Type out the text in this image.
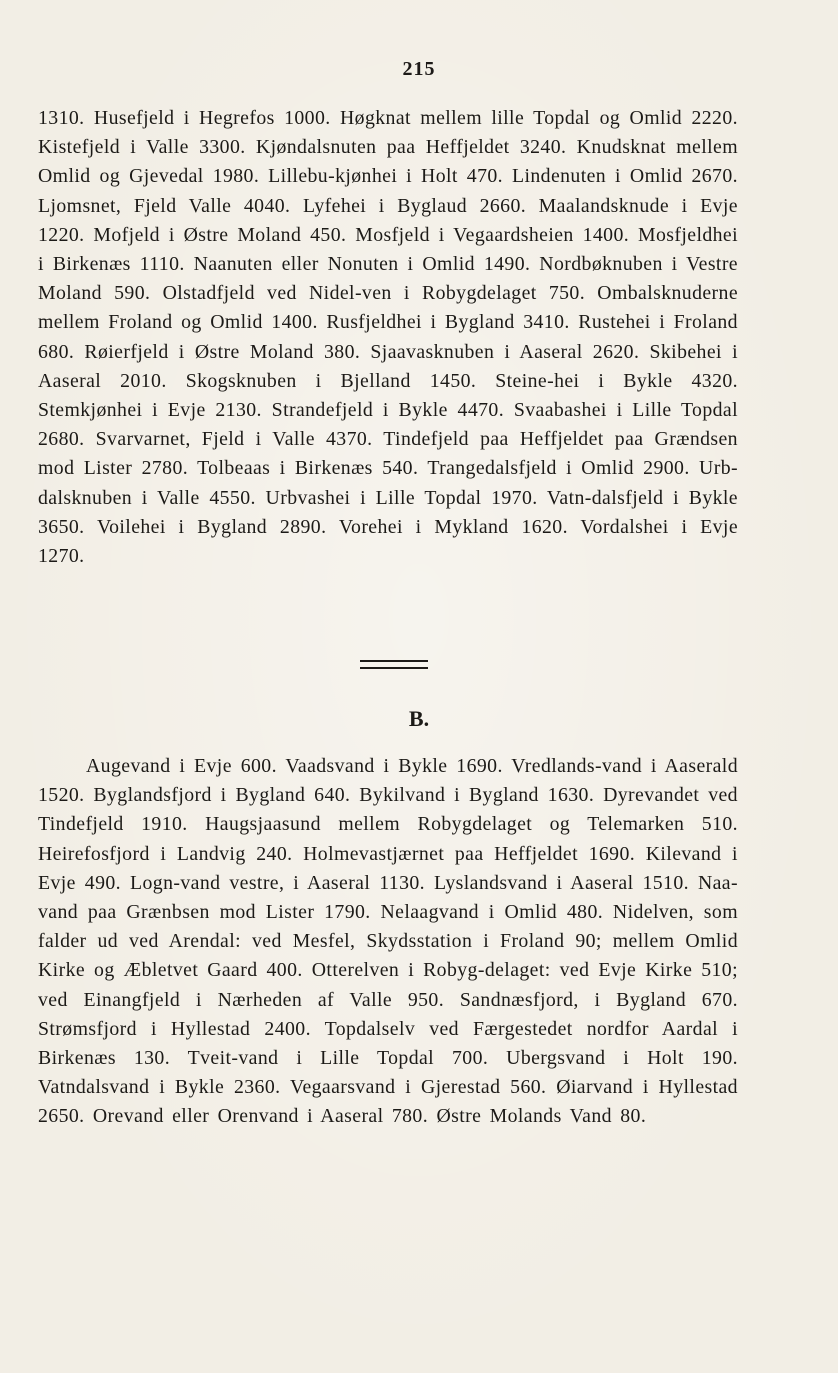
215
1310. Husefjeld i Hegrefos 1000. Høgknat mellem lille Topdal og Omlid 2220. Kistefjeld i Valle 3300. Kjøndalsnuten paa Heffjeldet 3240. Knudsknat mellem Omlid og Gjevedal 1980. Lillebu-kjønhei i Holt 470. Lindenuten i Omlid 2670. Ljomsnet, Fjeld Valle 4040. Lyfehei i Byglaud 2660. Maalandsknude i Evje 1220. Mofjeld i Østre Moland 450. Mosfjeld i Vegaardsheien 1400. Mosfjeldhei i Birkenæs 1110. Naanuten eller Nonuten i Omlid 1490. Nordbøknuben i Vestre Moland 590. Olstadfjeld ved Nidel-ven i Robygdelaget 750. Ombalsknuderne mellem Froland og Omlid 1400. Rusfjeldhei i Bygland 3410. Rustehei i Froland 680. Røierfjeld i Østre Moland 380. Sjaavasknuben i Aaseral 2620. Skibehei i Aaseral 2010. Skogsknuben i Bjelland 1450. Steine-hei i Bykle 4320. Stemkjønhei i Evje 2130. Strandefjeld i Bykle 4470. Svaabashei i Lille Topdal 2680. Svarvarnet, Fjeld i Valle 4370. Tindefjeld paa Heffjeldet paa Grændsen mod Lister 2780. Tolbeaas i Birkenæs 540. Trangedalsfjeld i Omlid 2900. Urb-dalsknuben i Valle 4550. Urbvashei i Lille Topdal 1970. Vatn-dalsfjeld i Bykle 3650. Voilehei i Bygland 2890. Vorehei i Mykland 1620. Vordalshei i Evje 1270.
B.
Augevand i Evje 600. Vaadsvand i Bykle 1690. Vredlands-vand i Aaserald 1520. Byglandsfjord i Bygland 640. Bykilvand i Bygland 1630. Dyrevandet ved Tindefjeld 1910. Haugsjaasund mellem Robygdelaget og Telemarken 510. Heirefosfjord i Landvig 240. Holmevastjærnet paa Heffjeldet 1690. Kilevand i Evje 490. Logn-vand vestre, i Aaseral 1130. Lyslandsvand i Aaseral 1510. Naa-vand paa Grænbsen mod Lister 1790. Nelaagvand i Omlid 480. Nidelven, som falder ud ved Arendal: ved Mesfel, Skydsstation i Froland 90; mellem Omlid Kirke og Æbletvet Gaard 400. Otterelven i Robyg-delaget: ved Evje Kirke 510; ved Einangfjeld i Nærheden af Valle 950. Sandnæsfjord, i Bygland 670. Strømsfjord i Hyllestad 2400. Topdalselv ved Færgestedet nordfor Aardal i Birkenæs 130. Tveit-vand i Lille Topdal 700. Ubergsvand i Holt 190. Vatndalsvand i Bykle 2360. Vegaarsvand i Gjerestad 560. Øiarvand i Hyllestad 2650. Orevand eller Orenvand i Aaseral 780. Østre Molands Vand 80.
